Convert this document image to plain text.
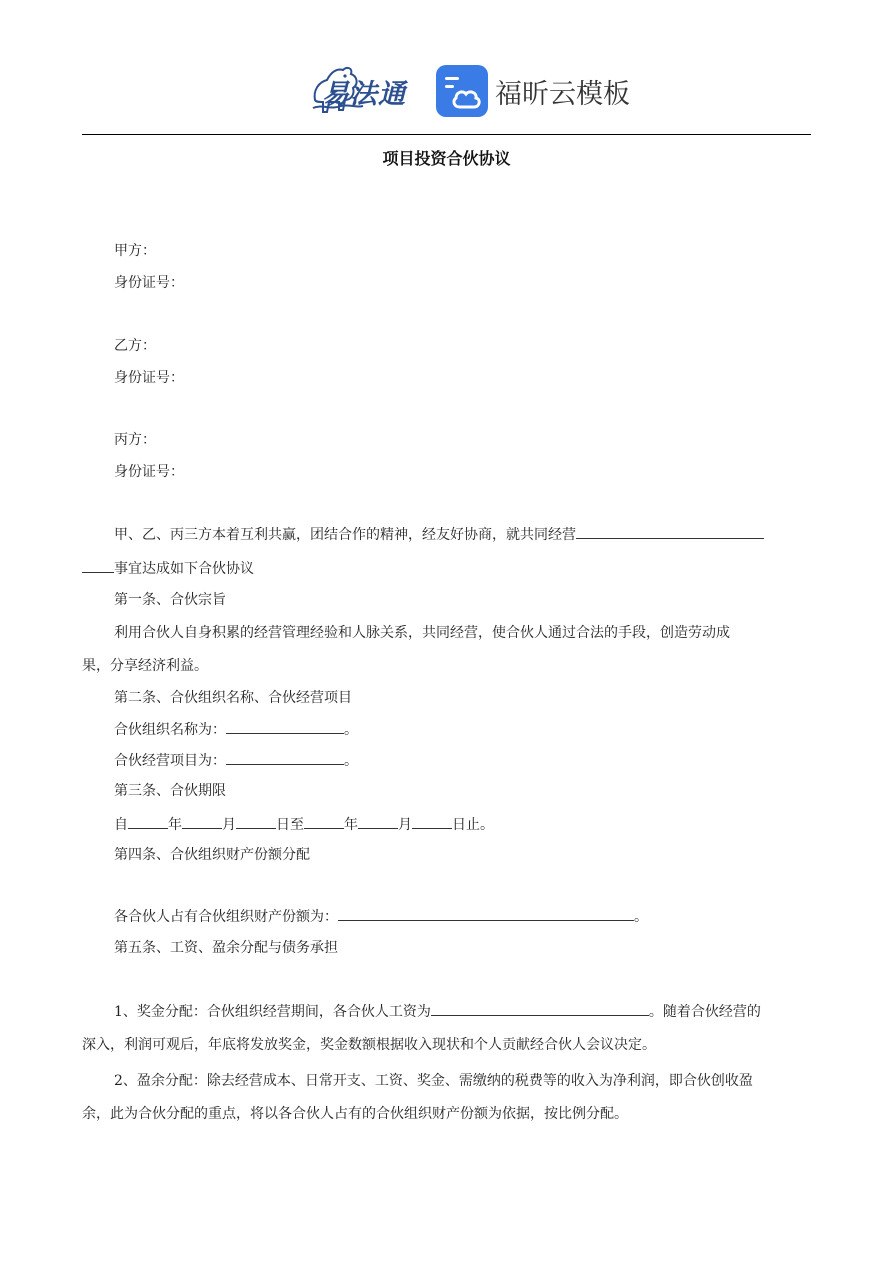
易法通	福昕云模板
项目投资合伙协议
甲方：
身份证号：
乙方：
身份证号：
丙方：
身份证号：
甲、乙、丙三方本着互利共赢，团结合作的精神，经友好协商，就共同经营
事宜达成如下合伙协议
第一条、合伙宗旨
利用合伙人自身积累的经营管理经验和人脉关系，共同经营，使合伙人通过合法的手段，创造劳动成
果，分享经济利益。
第二条、合伙组织名称、合伙经营项目
合伙组织名称为：	。
合伙经营项目为：	。
第三条、合伙期限
自	年	月	日至	年	月	日止。
第四条、合伙组织财产份额分配
各合伙人占有合伙组织财产份额为：	。
第五条、工资、盈余分配与债务承担
1、奖金分配：合伙组织经营期间，各合伙人工资为	。随着合伙经营的
深入，利润可观后，年底将发放奖金，奖金数额根据收入现状和个人贡献经合伙人会议决定。
2、盈余分配：除去经营成本、日常开支、工资、奖金、需缴纳的税费等的收入为净利润，即合伙创收盈
余，此为合伙分配的重点，将以各合伙人占有的合伙组织财产份额为依据，按比例分配。
